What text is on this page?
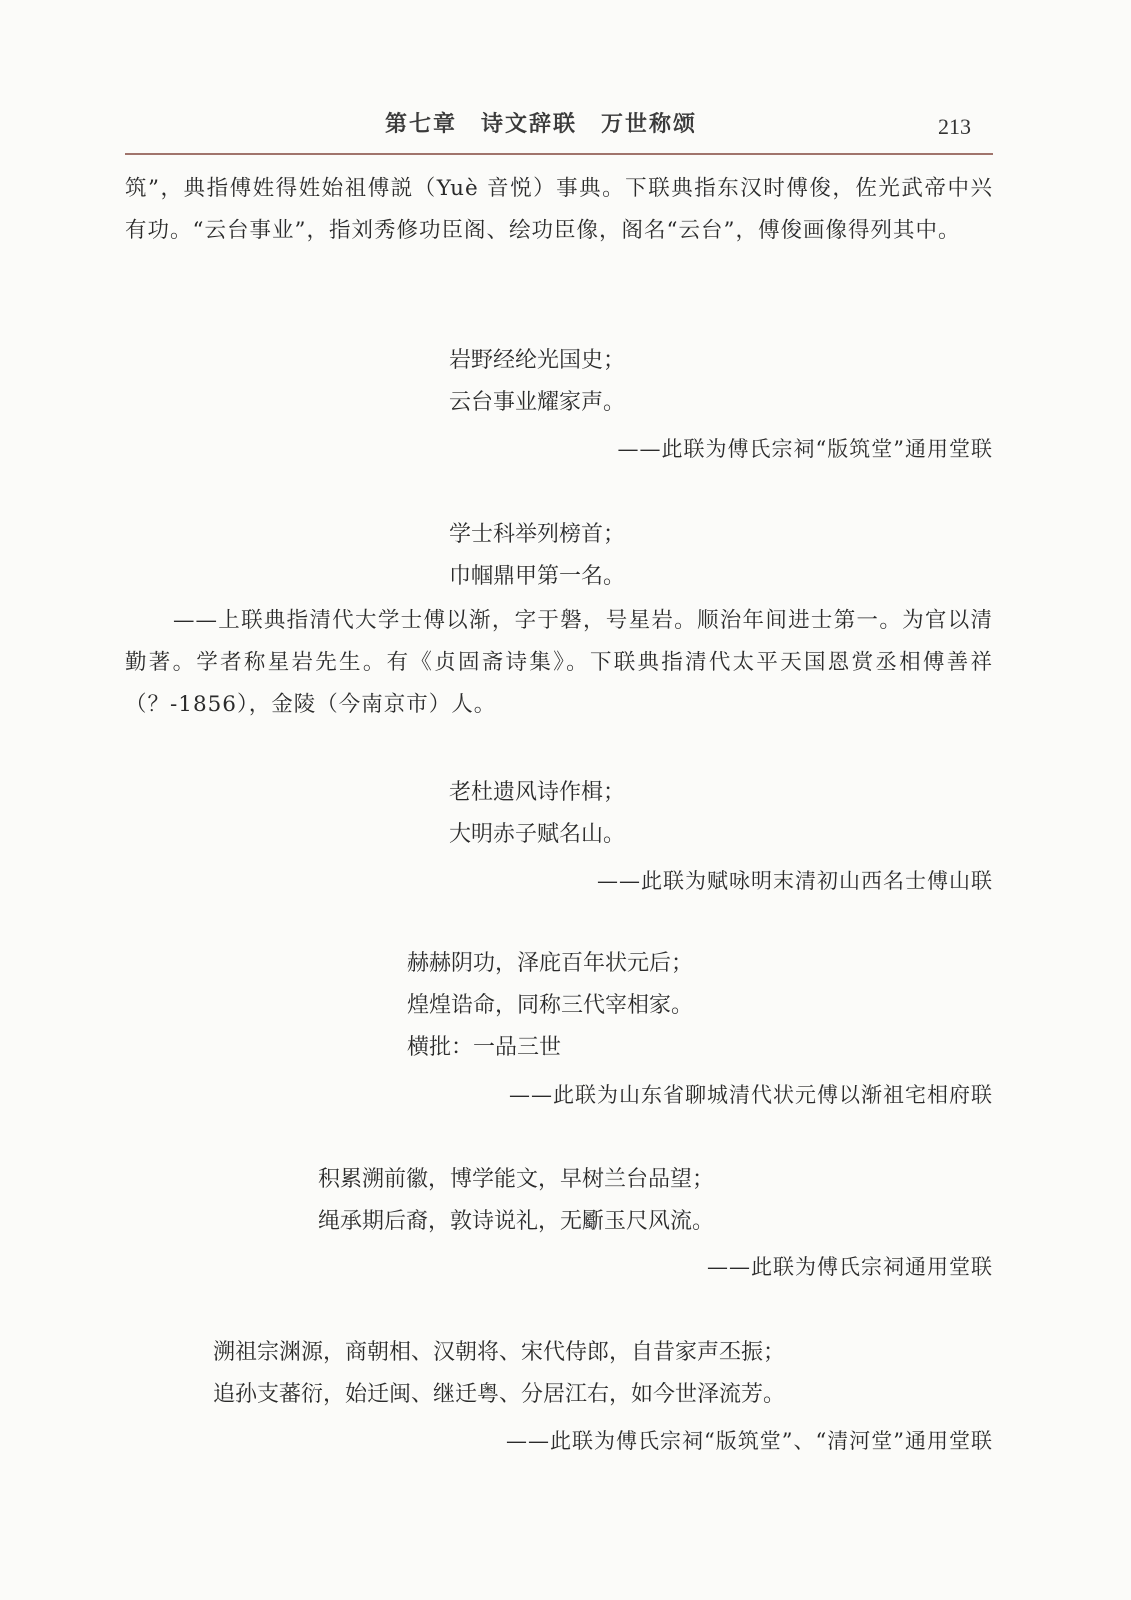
第七章　诗文辞联　万世称颂	213

筑”，典指傅姓得姓始祖傅説（Yuè 音悦）事典。下联典指东汉时傅俊，佐光武帝中兴有功。“云台事业”，指刘秀修功臣阁、绘功臣像，阁名“云台”，傅俊画像得列其中。

岩野经纶光国史；
云台事业耀家声。
——此联为傅氏宗祠“版筑堂”通用堂联
学士科举列榜首；
巾帼鼎甲第一名。

——上联典指清代大学士傅以渐，字于磐，号星岩。顺治年间进士第一。为官以清勤著。学者称星岩先生。有《贞固斋诗集》。下联典指清代太平天国恩赏丞相傅善祥（？-1856），金陵（今南京市）人。

老杜遗风诗作楫；
大明赤子赋名山。
——此联为赋咏明末清初山西名士傅山联
赫赫阴功，泽庇百年状元后；
煌煌诰命，同称三代宰相家。
横批：一品三世
——此联为山东省聊城清代状元傅以渐祖宅相府联
积累溯前徽，博学能文，早树兰台品望；
绳承期后裔，敦诗说礼，无斸玉尺风流。
——此联为傅氏宗祠通用堂联
溯祖宗渊源，商朝相、汉朝将、宋代侍郎，自昔家声丕振；
追孙支蕃衍，始迁闽、继迁粤、分居江右，如今世泽流芳。
——此联为傅氏宗祠“版筑堂”、“清河堂”通用堂联
